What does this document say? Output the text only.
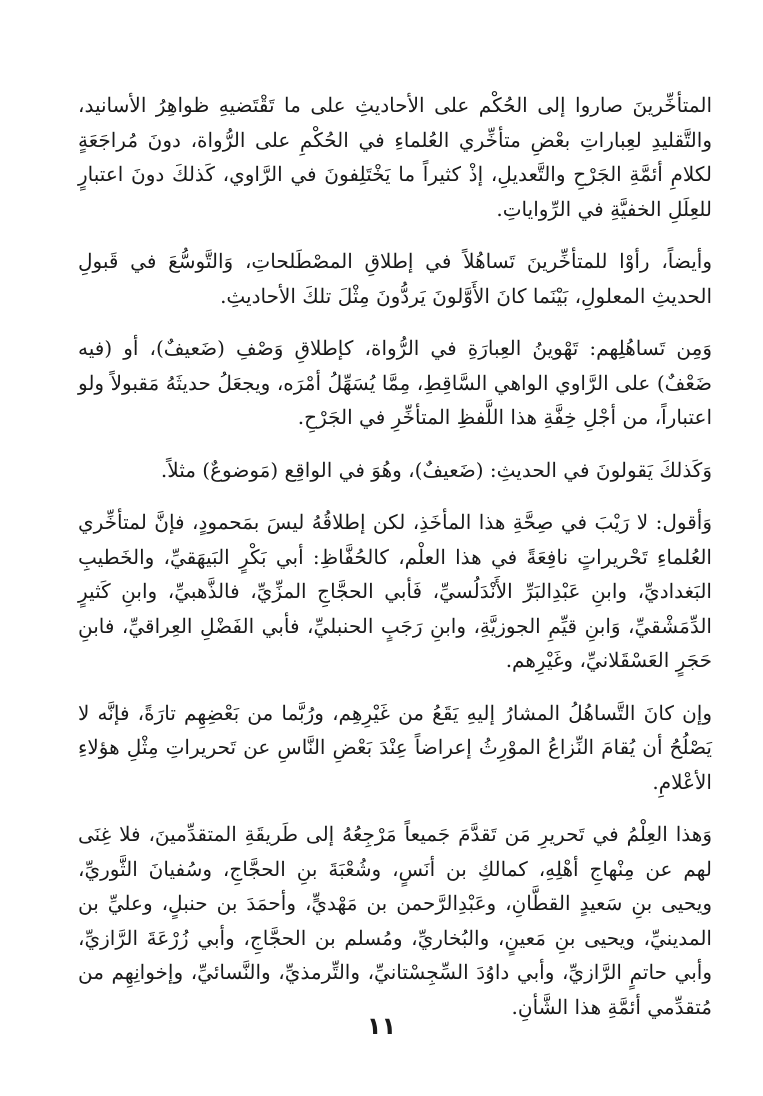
المتأخِّرينَ صاروا إلى الحُكْم على الأحاديثِ على ما تَقْتَضيهِ ظواهِرُ الأسانيد، والتَّقليدِ لعِباراتِ بعْضِ متأخِّري العُلماءِ في الحُكْمِ على الرُّواة، دونَ مُراجَعَةٍ لكلامِ أئمَّةِ الجَرْحِ والتَّعديلِ، إذْ كثيراً ما يَخْتَلِفونَ في الرَّاوي، كَذلكَ دونَ اعتبارٍ للعِلَلِ الخفيَّةِ في الرِّواياتِ.

وأيضاً، رأوْا للمتأخِّرينَ تَساهُلاً في إطلاقِ المصْطَلحاتِ، وَالتَّوسُّعَ في قَبولِ الحديثِ المعلولِ، بَيْنَما كانَ الأَوَّلونَ يَردُّونَ مِثْلَ تلكَ الأحاديثِ.

وَمِن تَساهُلِهم: تَهْوينُ العِبارَةِ في الرُّواة، كإطلاقِ وَصْفِ (ضَعيفٌ)، أو (فيه ضَعْفٌ) على الرَّاوي الواهي السَّاقِطِ، مِمَّا يُسَهِّلُ أمْرَه، ويجعَلُ حديثَهُ مَقبولاً ولو اعتباراً، من أجْلِ خِفَّةِ هذا اللَّفظِ المتأخِّرِ في الجَرْحِ.

وَكَذلكَ يَقولونَ في الحديثِ: (ضَعيفٌ)، وهُوَ في الواقِع (مَوضوعٌ) مثلاً.

وَأقول: لا رَيْبَ في صِحَّةِ هذا المأخَذِ، لكن إطلاقُهُ ليسَ بمَحمودٍ، فإنَّ لمتأخِّري العُلماءِ تَحْريراتٍ نافِعَةً في هذا العلْم، كالحُفَّاظِ: أبي بَكْرٍ البَيهَقيِّ، والخَطيبِ البَغداديِّ، وابنِ عَبْدِالبَرِّ الأَنْدَلُسيِّ، فَأبي الحجَّاجِ المزِّيِّ، فالذَّهبيِّ، وابنِ كَثيرٍ الدِّمَشْقيِّ، وَابنِ قيِّمِ الجوزيَّةِ، وابنِ رَجَبٍ الحنبليِّ، فأبي الفَضْلِ العِراقيِّ، فابنِ حَجَرٍ العَسْقَلانيِّ، وغَيْرِهم.

وإن كانَ التَّساهُلُ المشارُ إليهِ يَقَعُ من غَيْرِهِم، ورُبَّما من بَعْضِهِم تارَةً، فإنَّه لا يَصْلُحُ أن يُقامَ النِّزاعُ الموْرِثُ إعراضاً عِنْدَ بَعْضِ النَّاسِ عن تَحريراتِ مِثْلِ هؤلاءِ الأعْلامِ.

وَهذا العِلْمُ في تَحريرِ مَن تَقدَّمَ جَميعاً مَرْجِعُهُ إلى طَريقَةِ المتقدِّمينَ، فلا غِنَى لهم عن مِنْهاجِ أهْلِهِ، كمالكِ بن أنَسٍ، وشُعْبَةَ بنِ الحجَّاجِ، وسُفيانَ الثَّوريِّ، ويحيى بنِ سَعيدٍ القطَّانِ، وعَبْدِالرَّحمن بن مَهْديٍّ، وأحمَدَ بن حنبلٍ، وعليِّ بن المدينيِّ، ويحيى بنِ مَعينٍ، والبُخاريِّ، ومُسلم بن الحجَّاجِ، وأبي زُرْعَةَ الرَّازيِّ، وأبي حاتمٍ الرَّازيِّ، وأبي داوُدَ السِّجِسْتانيِّ، والتِّرمذيِّ، والنَّسائيِّ، وإخوانِهِم من مُتقدِّمي أئمَّةِ هذا الشَّأنِ.

١١
